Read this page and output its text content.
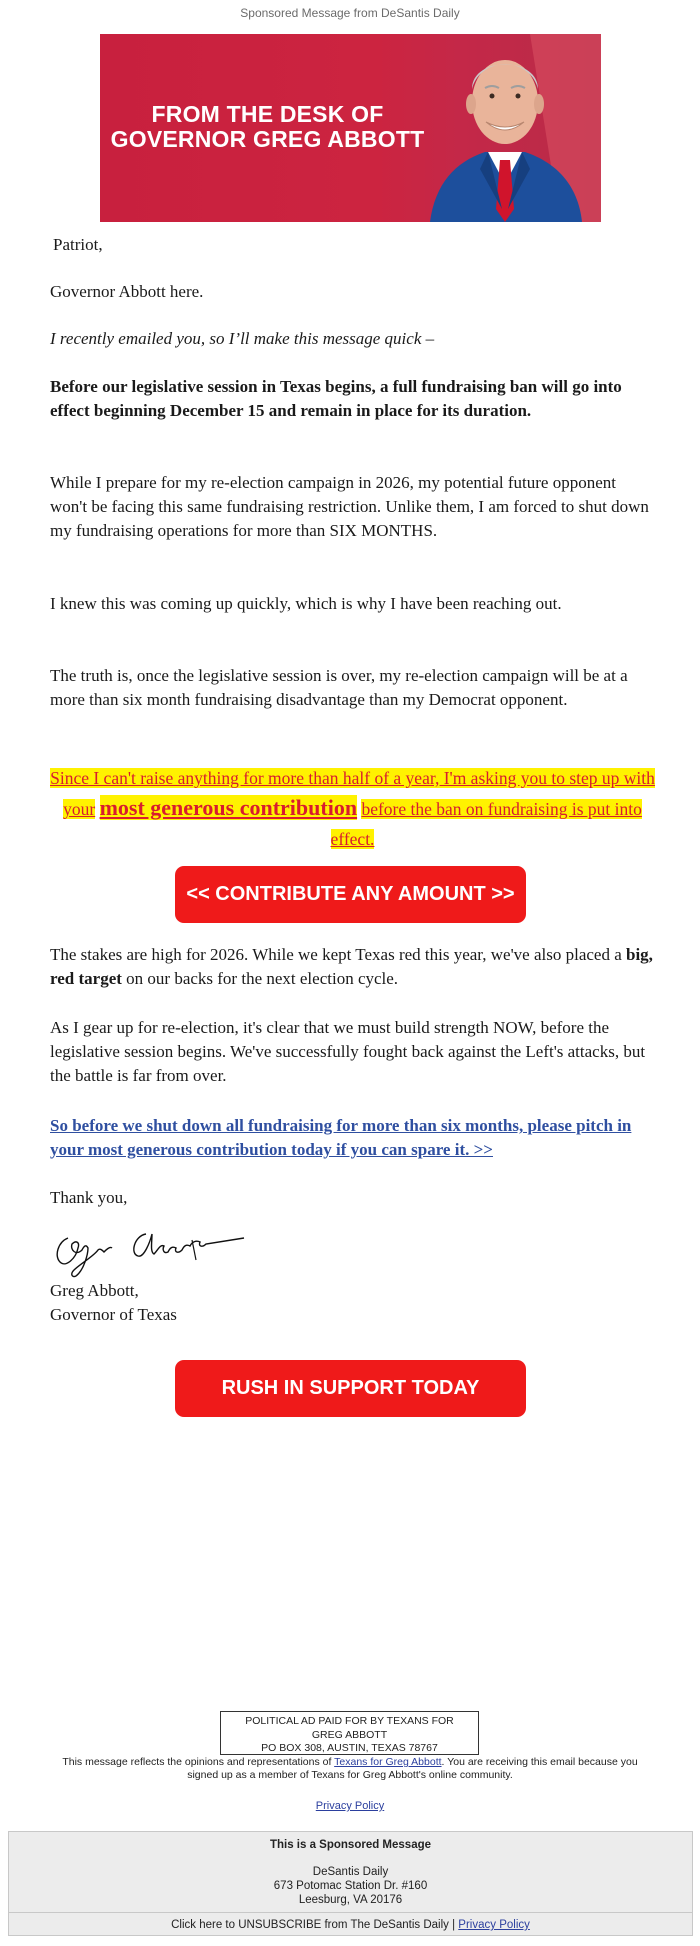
Sponsored Message from DeSantis Daily
FROM THE DESK OF
GOVERNOR GREG ABBOTT

Patriot,

Governor Abbott here.

I recently emailed you, so I’ll make this message quick –

Before our legislative session in Texas begins, a full fundraising ban will go into effect beginning December 15 and remain in place for its duration.

While I prepare for my re-election campaign in 2026, my potential future opponent won't be facing this same fundraising restriction. Unlike them, I am forced to shut down my fundraising operations for more than SIX MONTHS.

I knew this was coming up quickly, which is why I have been reaching out.

The truth is, once the legislative session is over, my re-election campaign will be at a more than six month fundraising disadvantage than my Democrat opponent.

Since I can't raise anything for more than half of a year, I'm asking you to step up with your most generous contribution before the ban on fundraising is put into effect.
<< CONTRIBUTE ANY AMOUNT >>

The stakes are high for 2026. While we kept Texas red this year, we've also placed a big, red target on our backs for the next election cycle.

As I gear up for re-election, it's clear that we must build strength NOW, before the legislative session begins. We've successfully fought back against the Left's attacks, but the battle is far from over.

So before we shut down all fundraising for more than six months, please pitch in your most generous contribution today if you can spare it. >>

Thank you,

Greg Abbott,

Governor of Texas

RUSH IN SUPPORT TODAY
POLITICAL AD PAID FOR BY TEXANS FOR
GREG ABBOTT
PO BOX 308, AUSTIN, TEXAS 78767
This message reflects the opinions and representations of Texans for Greg Abbott. You are receiving this email because you signed up as a member of Texans for Greg Abbott's online community.
Privacy Policy
This is a Sponsored Message
DeSantis Daily
673 Potomac Station Dr. #160
Leesburg, VA 20176
Click here to UNSUBSCRIBE from The DeSantis Daily | Privacy Policy
